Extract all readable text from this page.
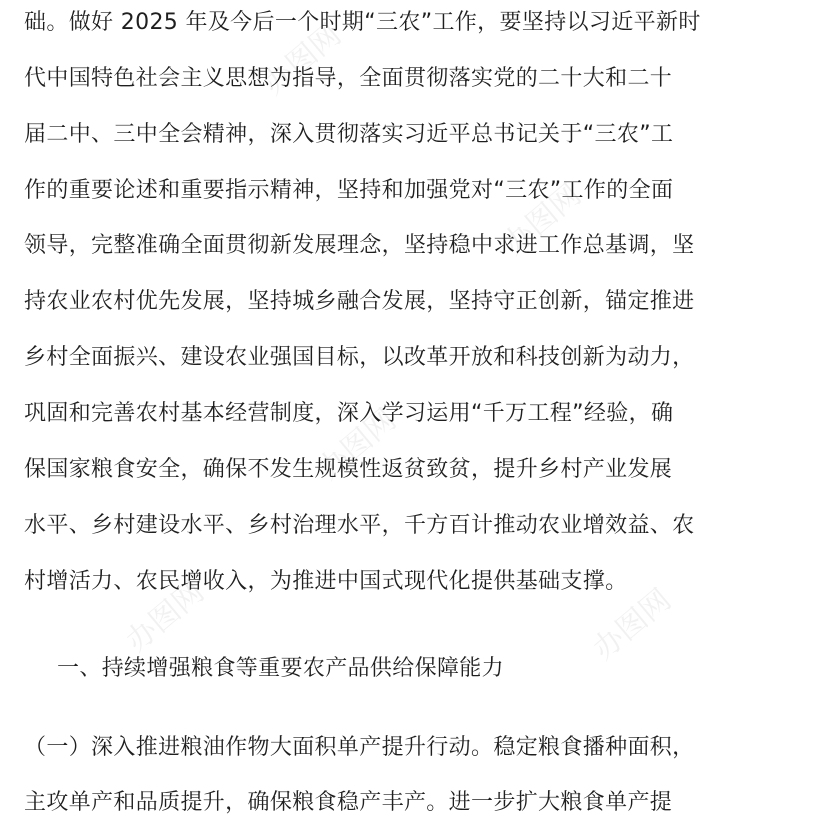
办图网
办图网
办图网
办图网	办图网
础。做好 2025 年及今后一个时期“三农”工作，要坚持以习近平新时
代中国特色社会主义思想为指导，全面贯彻落实党的二十大和二十
届二中、三中全会精神，深入贯彻落实习近平总书记关于“三农”工
作的重要论述和重要指示精神，坚持和加强党对“三农”工作的全面
领导，完整准确全面贯彻新发展理念，坚持稳中求进工作总基调，坚
持农业农村优先发展，坚持城乡融合发展，坚持守正创新，锚定推进
乡村全面振兴、建设农业强国目标，以改革开放和科技创新为动力，
巩固和完善农村基本经营制度，深入学习运用“千万工程”经验，确
保国家粮食安全，确保不发生规模性返贫致贫，提升乡村产业发展
水平、乡村建设水平、乡村治理水平，千方百计推动农业增效益、农
村增活力、农民增收入，为推进中国式现代化提供基础支撑。
一、持续增强粮食等重要农产品供给保障能力
（一）深入推进粮油作物大面积单产提升行动。稳定粮食播种面积，
主攻单产和品质提升，确保粮食稳产丰产。进一步扩大粮食单产提
